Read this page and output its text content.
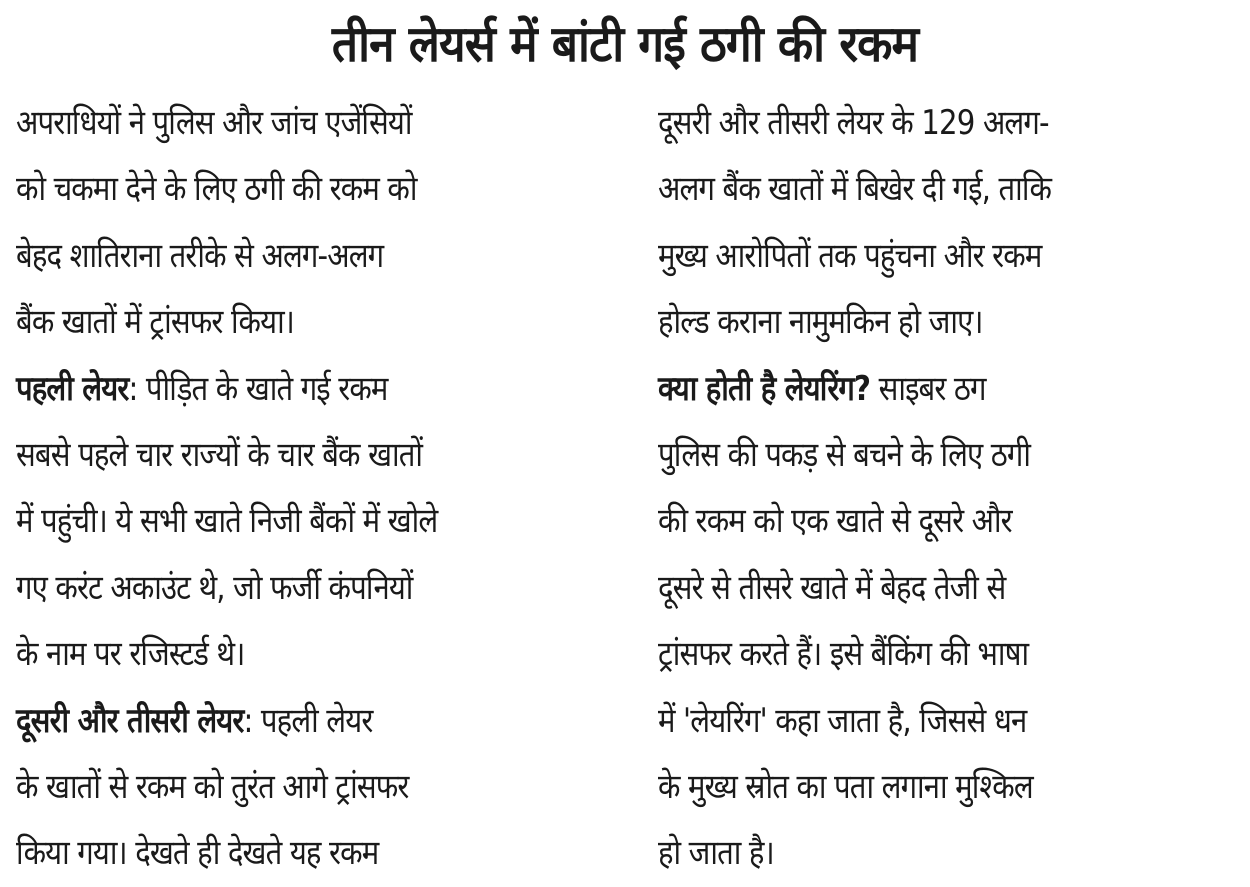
तीन लेयर्स में बांटी गई ठगी की रकम
अपराधियों ने पुलिस और जांच एजेंसियों
को चकमा देने के लिए ठगी की रकम को
बेहद शातिराना तरीके से अलग-अलग
बैंक खातों में ट्रांसफर किया।
पहली लेयर: पीड़ित के खाते गई रकम
सबसे पहले चार राज्यों के चार बैंक खातों
में पहुंची। ये सभी खाते निजी बैंकों में खोले
गए करंट अकाउंट थे, जो फर्जी कंपनियों
के नाम पर रजिस्टर्ड थे।
दूसरी और तीसरी लेयर: पहली लेयर
के खातों से रकम को तुरंत आगे ट्रांसफर
किया गया। देखते ही देखते यह रकम
दूसरी और तीसरी लेयर के 129 अलग-
अलग बैंक खातों में बिखेर दी गई, ताकि
मुख्य आरोपितों तक पहुंचना और रकम
होल्ड कराना नामुमकिन हो जाए।
क्या होती है लेयरिंग? साइबर ठग
पुलिस की पकड़ से बचने के लिए ठगी
की रकम को एक खाते से दूसरे और
दूसरे से तीसरे खाते में बेहद तेजी से
ट्रांसफर करते हैं। इसे बैंकिंग की भाषा
में 'लेयरिंग' कहा जाता है, जिससे धन
के मुख्य स्रोत का पता लगाना मुश्किल
हो जाता है।
